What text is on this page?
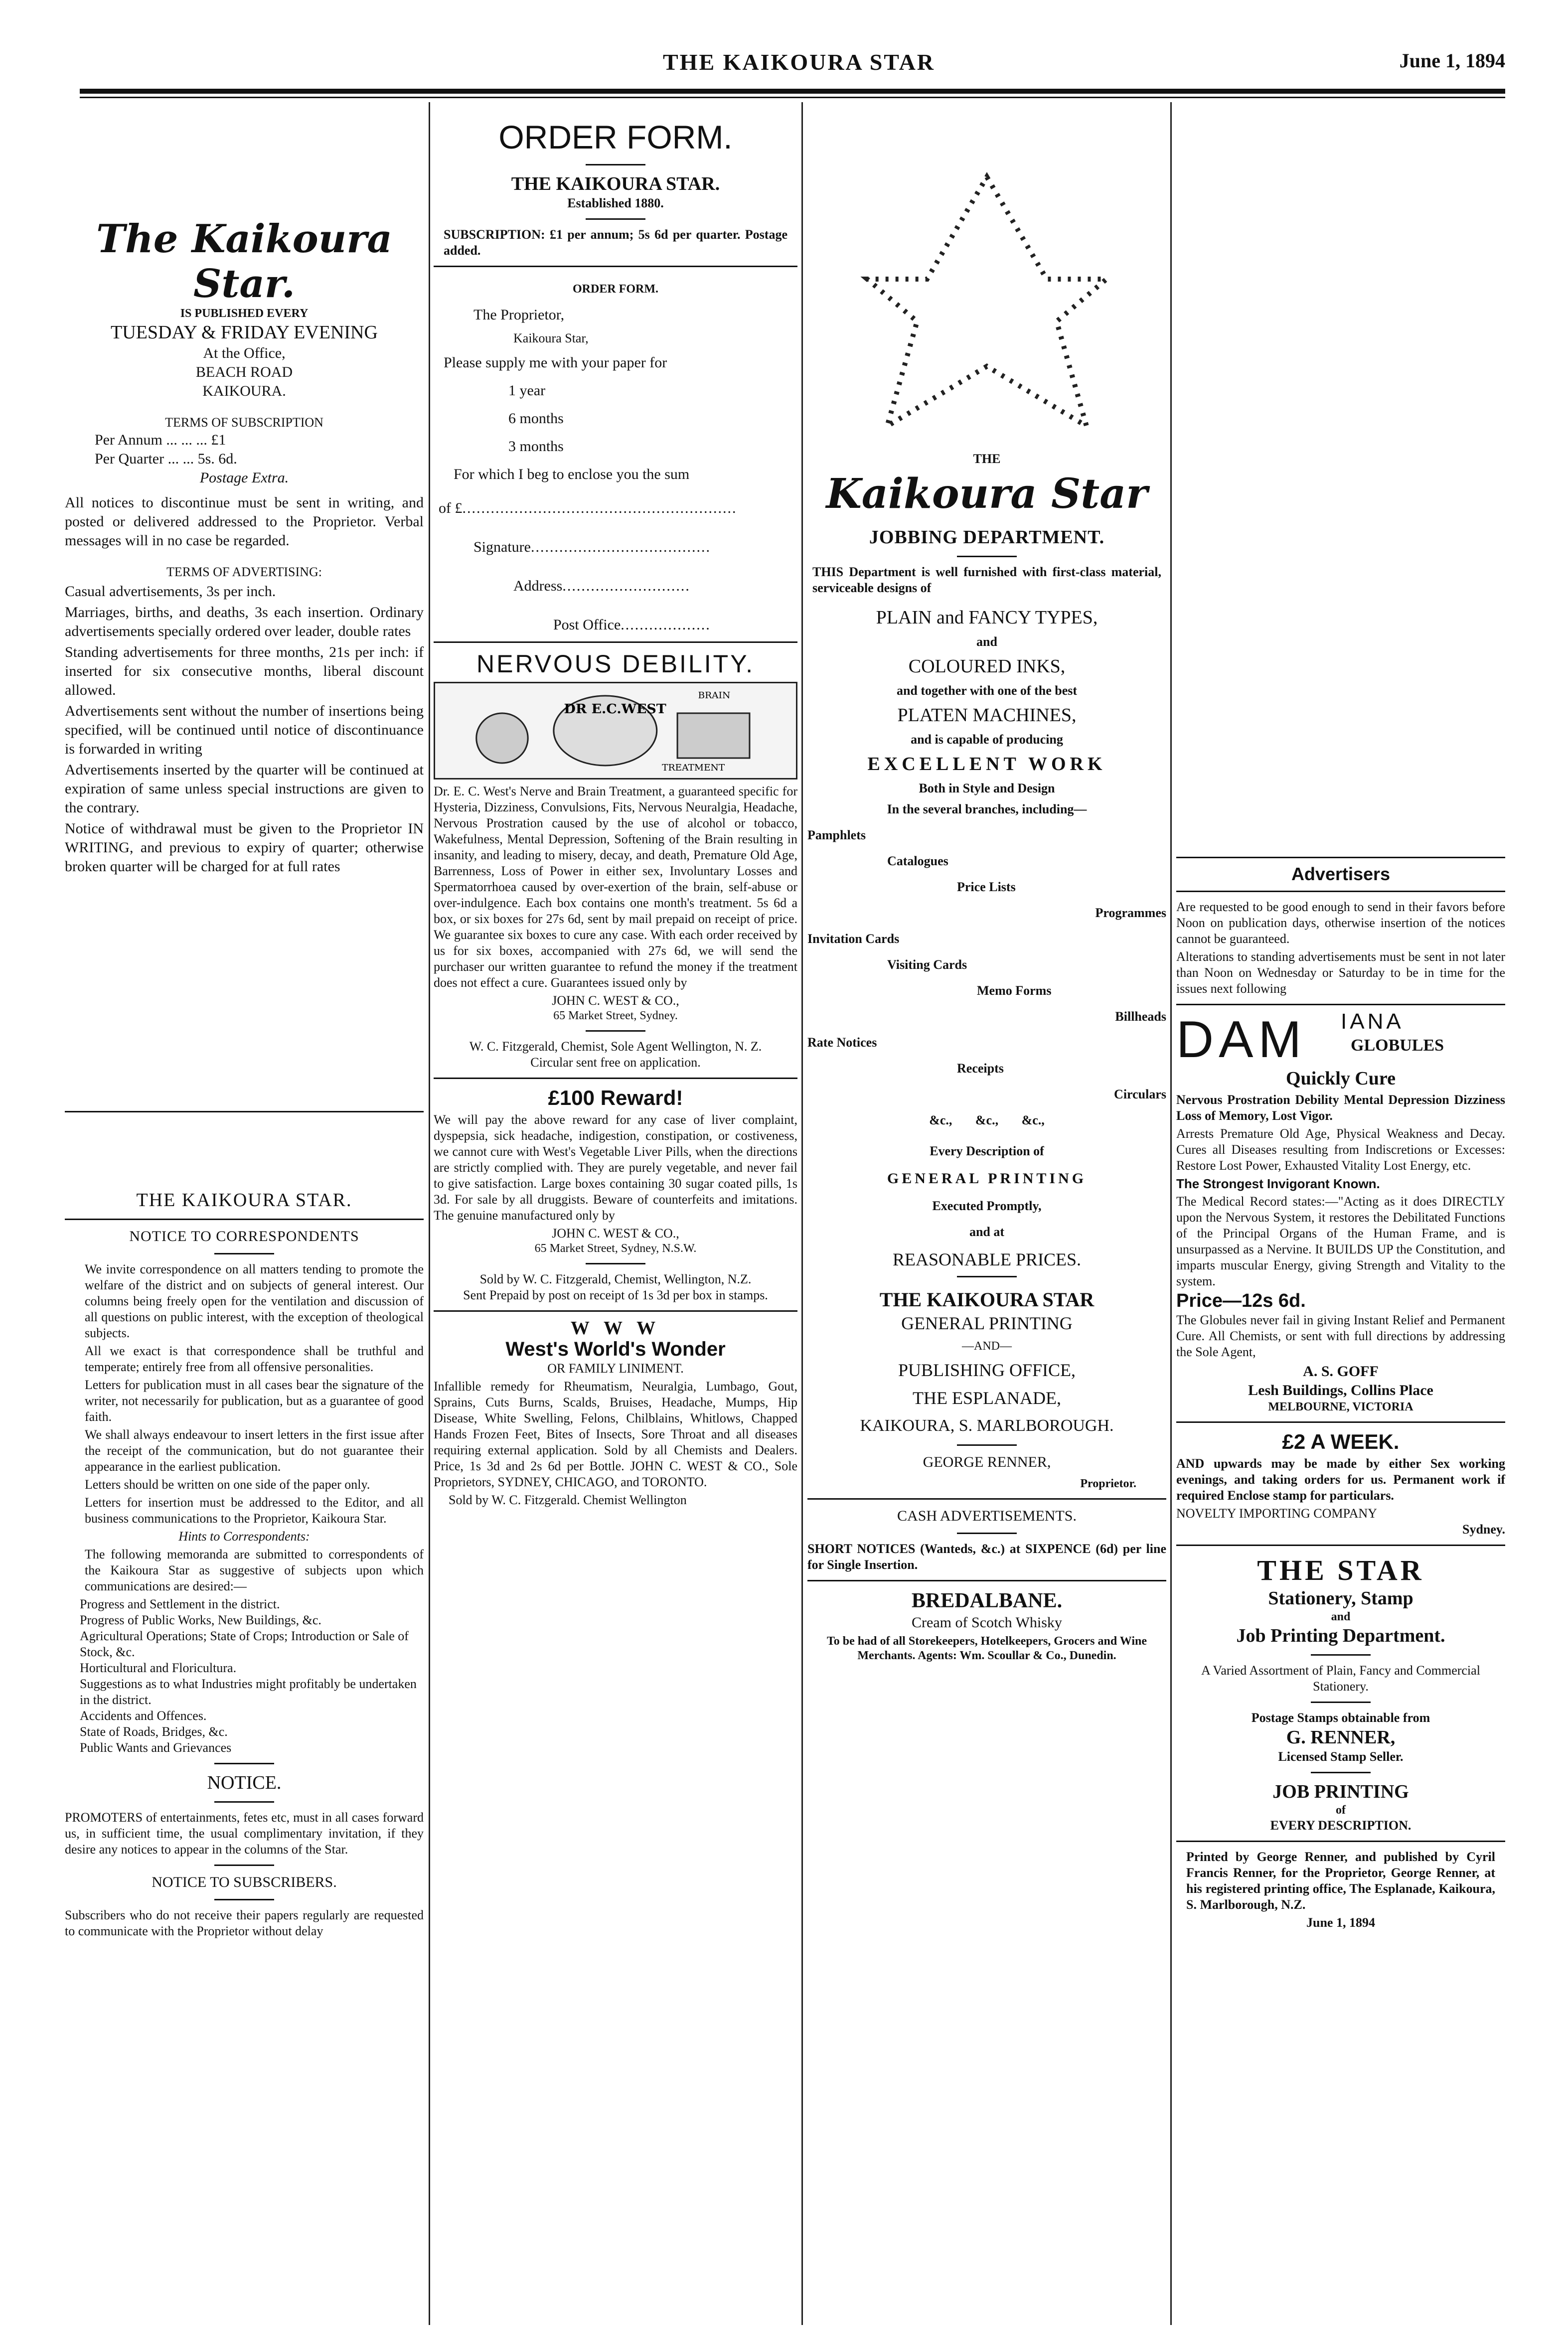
THE KAIKOURA STAR	June 1, 1894
The Kaikoura Star.
IS PUBLISHED EVERY
TUESDAY & FRIDAY EVENING
At the Office,
BEACH ROAD
KAIKOURA.
TERMS OF SUBSCRIPTION
Per Annum ... ... ... £1
Per Quarter ... ... 5s. 6d.
Postage Extra.

All notices to discontinue must be sent in writing, and posted or delivered addressed to the Proprietor. Verbal messages will in no case be regarded.

TERMS OF ADVERTISING:

Casual advertisements, 3s per inch.

Marriages, births, and deaths, 3s each insertion. Ordinary advertisements specially ordered over leader, double rates

Standing advertisements for three months, 21s per inch: if inserted for six consecutive months, liberal discount allowed.

Advertisements sent without the number of insertions being specified, will be continued until notice of discontinuance is forwarded in writing

Advertisements inserted by the quarter will be continued at expiration of same unless special instructions are given to the contrary.

Notice of withdrawal must be given to the Proprietor IN WRITING, and previous to expiry of quarter; otherwise broken quarter will be charged for at full rates

THE KAIKOURA STAR.
NOTICE TO CORRESPONDENTS

We invite correspondence on all matters tending to promote the welfare of the district and on subjects of general interest. Our columns being freely open for the ventilation and discussion of all questions on public interest, with the exception of theological subjects.

All we exact is that correspondence shall be truthful and temperate; entirely free from all offensive personalities.

Letters for publication must in all cases bear the signature of the writer, not necessarily for publication, but as a guarantee of good faith.

We shall always endeavour to insert letters in the first issue after the receipt of the communication, but do not guarantee their appearance in the earliest publication.

Letters should be written on one side of the paper only.

Letters for insertion must be addressed to the Editor, and all business communications to the Proprietor, Kaikoura Star.

Hints to Correspondents:

The following memoranda are submitted to correspondents of the Kaikoura Star as suggestive of subjects upon which communications are desired:—

Progress and Settlement in the district.

Progress of Public Works, New Buildings, &c.

Agricultural Operations; State of Crops; Introduction or Sale of Stock, &c.

Horticultural and Floricultura.

Suggestions as to what Industries might profitably be undertaken in the district.

Accidents and Offences.

State of Roads, Bridges, &c.

Public Wants and Grievances

NOTICE.

PROMOTERS of entertainments, fetes etc, must in all cases forward us, in sufficient time, the usual complimentary invitation, if they desire any notices to appear in the columns of the Star.

NOTICE TO SUBSCRIBERS.

Subscribers who do not receive their papers regularly are requested to communicate with the Proprietor without delay

ORDER FORM.
THE KAIKOURA STAR.
Established 1880.

SUBSCRIPTION: £1 per annum; 5s 6d per quarter. Postage added.

ORDER FORM.
The Proprietor,
Kaikoura Star,

Please supply me with your paper for

1 year
6 months
3 months

For which I beg to enclose you the sum

of £..........................................................
Signature......................................
Address...........................
Post Office...................
NERVOUS DEBILITY.
DR E.C.WEST
BRAIN
TREATMENT

Dr. E. C. West's Nerve and Brain Treatment, a guaranteed specific for Hysteria, Dizziness, Convulsions, Fits, Nervous Neuralgia, Headache, Nervous Prostration caused by the use of alcohol or tobacco, Wakefulness, Mental Depression, Softening of the Brain resulting in insanity, and leading to misery, decay, and death, Premature Old Age, Barrenness, Loss of Power in either sex, Involuntary Losses and Spermatorrhoea caused by over-exertion of the brain, self-abuse or over-indulgence. Each box contains one month's treatment. 5s 6d a box, or six boxes for 27s 6d, sent by mail prepaid on receipt of price. We guarantee six boxes to cure any case. With each order received by us for six boxes, accompanied with 27s 6d, we will send the purchaser our written guarantee to refund the money if the treatment does not effect a cure. Guarantees issued only by

JOHN C. WEST & CO.,
65 Market Street, Sydney.
W. C. Fitzgerald, Chemist, Sole Agent Wellington, N. Z.
Circular sent free on application.
£100 Reward!

We will pay the above reward for any case of liver complaint, dyspepsia, sick headache, indigestion, constipation, or costiveness, we cannot cure with West's Vegetable Liver Pills, when the directions are strictly complied with. They are purely vegetable, and never fail to give satisfaction. Large boxes containing 30 sugar coated pills, 1s 3d. For sale by all druggists. Beware of counterfeits and imitations. The genuine manufactured only by

JOHN C. WEST & CO.,
65 Market Street, Sydney, N.S.W.
Sold by W. C. Fitzgerald, Chemist, Wellington, N.Z.
Sent Prepaid by post on receipt of 1s 3d per box in stamps.
W W W
West's World's Wonder
OR FAMILY LINIMENT.

Infallible remedy for Rheumatism, Neuralgia, Lumbago, Gout, Sprains, Cuts Burns, Scalds, Bruises, Headache, Mumps, Hip Disease, White Swelling, Felons, Chilblains, Whitlows, Chapped Hands Frozen Feet, Bites of Insects, Sore Throat and all diseases requiring external application. Sold by all Chemists and Dealers. Price, 1s 3d and 2s 6d per Bottle. JOHN C. WEST & CO., Sole Proprietors, SYDNEY, CHICAGO, and TORONTO.

Sold by W. C. Fitzgerald. Chemist Wellington
THE
Kaikoura Star
JOBBING DEPARTMENT.

THIS Department is well furnished with first-class material, serviceable designs of

PLAIN and FANCY TYPES,
and
COLOURED INKS,
and together with one of the best
PLATEN MACHINES,
and is capable of producing
EXCELLENT WORK
Both in Style and Design
In the several branches, including—
Pamphlets
Catalogues
Price Lists
Programmes
Invitation Cards
Visiting Cards
Memo Forms
Billheads
Rate Notices
Receipts
Circulars
&c., &c., &c.,
Every Description of
GENERAL PRINTING
Executed Promptly,
and at
REASONABLE PRICES.
THE KAIKOURA STAR
GENERAL PRINTING
—AND—
PUBLISHING OFFICE,
THE ESPLANADE,
KAIKOURA, S. MARLBOROUGH.
GEORGE RENNER,
Proprietor.
CASH ADVERTISEMENTS.

SHORT NOTICES (Wanteds, &c.) at SIXPENCE (6d) per line for Single Insertion.

BREDALBANE.
Cream of Scotch Whisky

To be had of all Storekeepers, Hotelkeepers, Grocers and Wine Merchants. Agents: Wm. Scoullar & Co., Dunedin.

Advertisers

Are requested to be good enough to send in their favors before Noon on publication days, otherwise insertion of the notices cannot be guaranteed.

Alterations to standing advertisements must be sent in not later than Noon on Wednesday or Saturday to be in time for the issues next following

DAM IANA
GLOBULES
Quickly Cure

Nervous Prostration Debility Mental Depression Dizziness Loss of Memory, Lost Vigor.

Arrests Premature Old Age, Physical Weakness and Decay. Cures all Diseases resulting from Indiscretions or Excesses: Restore Lost Power, Exhausted Vitality Lost Energy, etc.

The Strongest Invigorant Known.

The Medical Record states:—"Acting as it does DIRECTLY upon the Nervous System, it restores the Debilitated Functions of the Principal Organs of the Human Frame, and is unsurpassed as a Nervine. It BUILDS UP the Constitution, and imparts muscular Energy, giving Strength and Vitality to the system.

Price—12s 6d.

The Globules never fail in giving Instant Relief and Permanent Cure. All Chemists, or sent with full directions by addressing the Sole Agent,

A. S. GOFF
Lesh Buildings, Collins Place
MELBOURNE, VICTORIA
£2 A WEEK.

AND upwards may be made by either Sex working evenings, and taking orders for us. Permanent work if required Enclose stamp for particulars.

NOVELTY IMPORTING COMPANY
Sydney.
THE STAR
Stationery, Stamp
and
Job Printing Department.

A Varied Assortment of Plain, Fancy and Commercial Stationery.

Postage Stamps obtainable from
G. RENNER,
Licensed Stamp Seller.
JOB PRINTING
of
EVERY DESCRIPTION.

Printed by George Renner, and published by Cyril Francis Renner, for the Proprietor, George Renner, at his registered printing office, The Esplanade, Kaikoura, S. Marlborough, N.Z.

June 1, 1894
